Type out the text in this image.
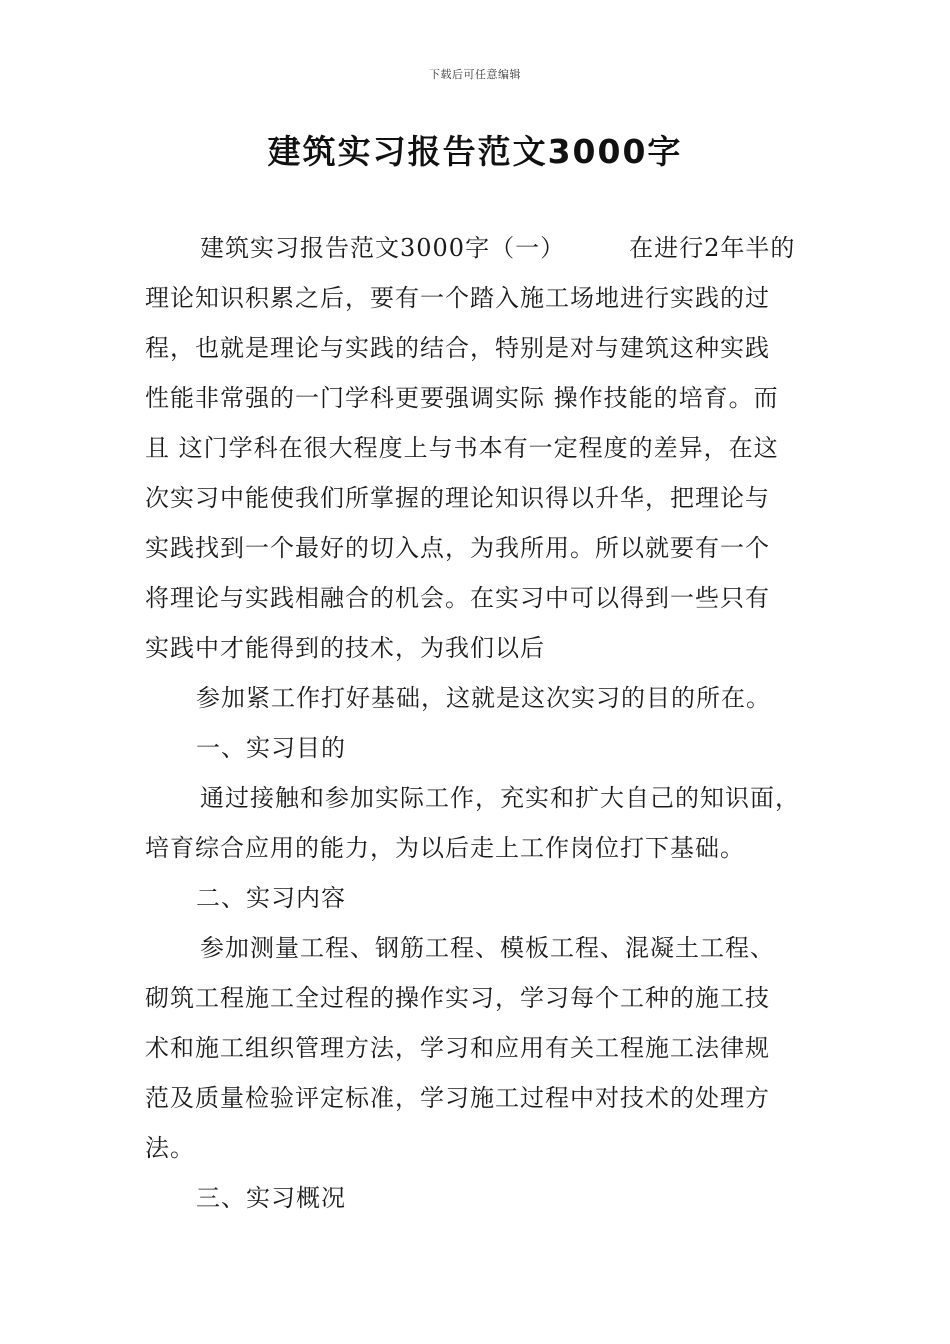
下载后可任意编辑
建筑实习报告范文3000字
建筑实习报告范文3000字（一）	在进行2年半的
理论知识积累之后，要有一个踏入施工场地进行实践的过
程，也就是理论与实践的结合，特别是对与建筑这种实践
性能非常强的一门学科更要强调实际 操作技能的培育。而
且 这门学科在很大程度上与书本有一定程度的差异，在这
次实习中能使我们所掌握的理论知识得以升华，把理论与
实践找到一个最好的切入点，为我所用。所以就要有一个
将理论与实践相融合的机会。在实习中可以得到一些只有
实践中才能得到的技术，为我们以后
参加紧工作打好基础，这就是这次实习的目的所在。
一、实习目的
通过接触和参加实际工作，充实和扩大自己的知识面，
培育综合应用的能力，为以后走上工作岗位打下基础。
二、实习内容
参加测量工程、钢筋工程、模板工程、混凝土工程、
砌筑工程施工全过程的操作实习，学习每个工种的施工技
术和施工组织管理方法，学习和应用有关工程施工法律规
范及质量检验评定标准，学习施工过程中对技术的处理方
法。
三、实习概况
